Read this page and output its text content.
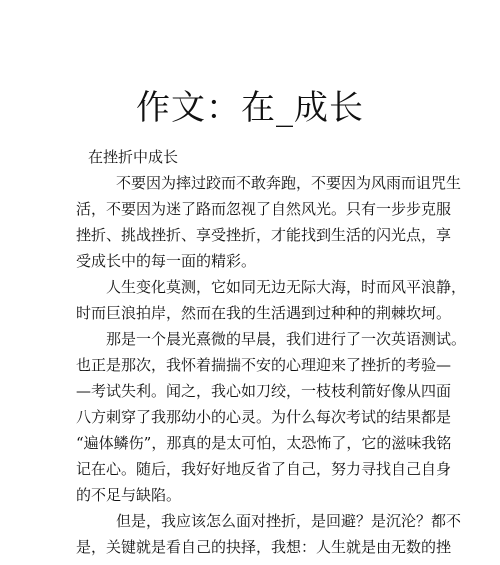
作文：在_成长
在挫折中成长
不要因为摔过跤而不敢奔跑，不要因为风雨而诅咒生
活，不要因为迷了路而忽视了自然风光。只有一步步克服
挫折、挑战挫折、享受挫折，才能找到生活的闪光点，享
受成长中的每一面的精彩。
人生变化莫测，它如同无边无际大海，时而风平浪静，
时而巨浪拍岸，然而在我的生活遇到过种种的荆棘坎坷。
那是一个晨光熹微的早晨，我们进行了一次英语测试。
也正是那次，我怀着揣揣不安的心理迎来了挫折的考验—
—考试失利。闻之，我心如刀绞，一枝枝利箭好像从四面
八方刺穿了我那幼小的心灵。为什么每次考试的结果都是
“遍体鳞伤”，那真的是太可怕，太恐怖了，它的滋味我铭
记在心。随后，我好好地反省了自己，努力寻找自己自身
的不足与缺陷。
但是，我应该怎么面对挫折，是回避？是沉沦？都不
是，关键就是看自己的抉择，我想：人生就是由无数的挫
